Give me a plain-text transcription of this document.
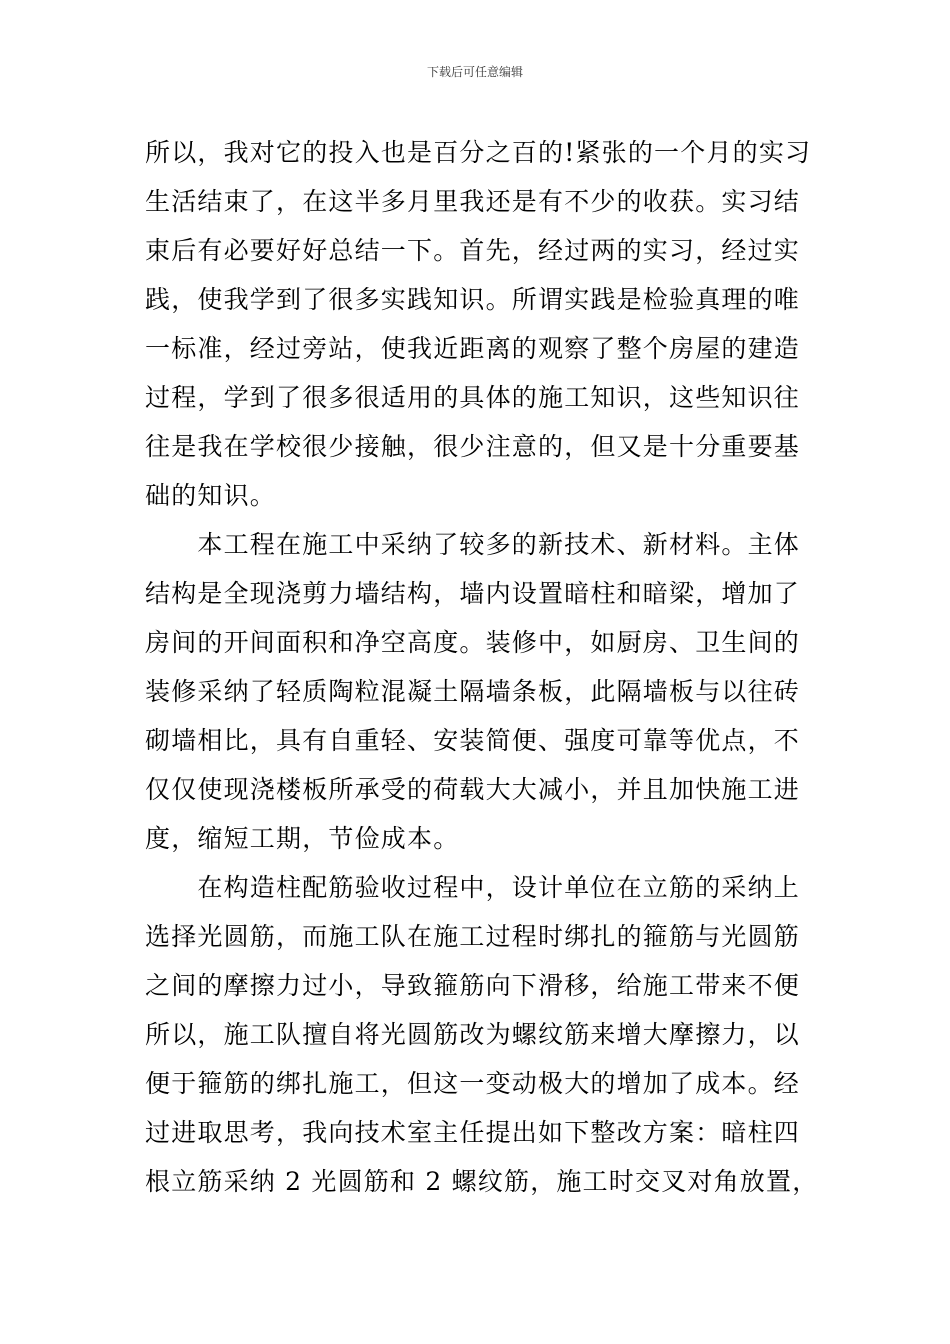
下载后可任意编辑
所以，我对它的投入也是百分之百的!紧张的一个月的实习
生活结束了，在这半多月里我还是有不少的收获。实习结
束后有必要好好总结一下。首先，经过两的实习，经过实
践，使我学到了很多实践知识。所谓实践是检验真理的唯
一标准，经过旁站，使我近距离的观察了整个房屋的建造
过程，学到了很多很适用的具体的施工知识，这些知识往
往是我在学校很少接触，很少注意的，但又是十分重要基
础的知识。
　　本工程在施工中采纳了较多的新技术、新材料。主体
结构是全现浇剪力墙结构，墙内设置暗柱和暗梁，增加了
房间的开间面积和净空高度。装修中，如厨房、卫生间的
装修采纳了轻质陶粒混凝土隔墙条板，此隔墙板与以往砖
砌墙相比，具有自重轻、安装简便、强度可靠等优点，不
仅仅使现浇楼板所承受的荷载大大减小，并且加快施工进
度，缩短工期，节俭成本。
　　在构造柱配筋验收过程中，设计单位在立筋的采纳上
选择光圆筋，而施工队在施工过程时绑扎的箍筋与光圆筋
之间的摩擦力过小，导致箍筋向下滑移，给施工带来不便
所以，施工队擅自将光圆筋改为螺纹筋来增大摩擦力，以
便于箍筋的绑扎施工，但这一变动极大的增加了成本。经
过进取思考，我向技术室主任提出如下整改方案：暗柱四
根立筋采纳 2 光圆筋和 2 螺纹筋，施工时交叉对角放置，
